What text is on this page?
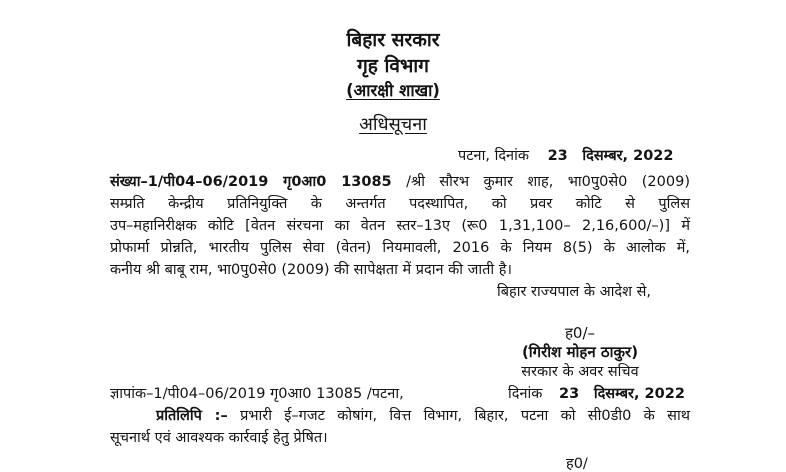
बिहार सरकार
गृह विभाग
(आरक्षी शाखा)
अधिसूचना
पटना, दिनांक 23 दिसम्बर, 2022
संख्या–1/पी04–06/2019 गृ0आ0 13085 /श्री सौरभ कुमार शाह, भा0पु0से0 (2009)
सम्प्रति केन्द्रीय प्रतिनियुक्ति के अन्तर्गत पदस्थापित, को प्रवर कोटि से पुलिस
उप–महानिरीक्षक कोटि [वेतन संरचना का वेतन स्तर–13ए (रू0 1,31,100– 2,16,600/–)] में
प्रोफार्मा प्रोन्नति, भारतीय पुलिस सेवा (वेतन) नियमावली, 2016 के नियम 8(5) के आलोक में,
कनीय श्री बाबू राम, भा0पु0से0 (2009) की सापेक्षता में प्रदान की जाती है।
बिहार राज्यपाल के आदेश से,
ह0/–
(गिरीश मोहन ठाकुर)
सरकार के अवर सचिव
ज्ञापांक–1/पी04–06/2019 गृ0आ0 13085 /पटना,	दिनांक 23 दिसम्बर, 2022
प्रतिलिपि :– प्रभारी ई–गजट कोषांग, वित्त विभाग, बिहार, पटना को सी0डी0 के साथ
सूचनार्थ एवं आवश्यक कार्रवाई हेतु प्रेषित।
ह0/
